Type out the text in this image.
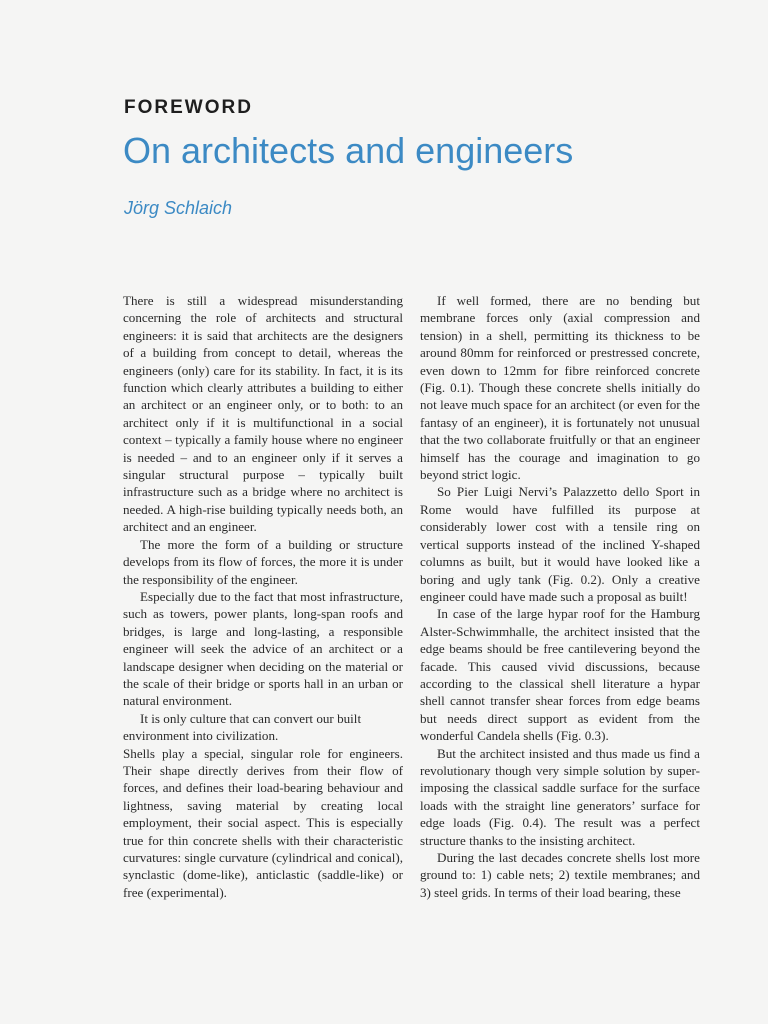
FOREWORD
On architects and engineers
Jörg Schlaich

There is still a widespread misunderstanding concerning the role of architects and structural engineers: it is said that architects are the designers of a building from concept to detail, whereas the engineers (only) care for its stability. In fact, it is its function which clearly attributes a building to either an architect or an engineer only, or to both: to an architect only if it is multifunctional in a social context – typically a family house where no engineer is needed – and to an engineer only if it serves a singular structural purpose – typically built infrastructure such as a bridge where no architect is needed. A high-rise building typically needs both, an architect and an engineer.

The more the form of a building or structure develops from its flow of forces, the more it is under the responsibility of the engineer.

Especially due to the fact that most infrastructure, such as towers, power plants, long-span roofs and bridges, is large and long-lasting, a responsible engineer will seek the advice of an architect or a landscape designer when deciding on the material or the scale of their bridge or sports hall in an urban or natural environment.

It is only culture that can convert our built environment into civilization.

Shells play a special, singular role for engineers. Their shape directly derives from their flow of forces, and defines their load-bearing behaviour and lightness, saving material by creating local employment, their social aspect. This is especially true for thin concrete shells with their characteristic curvatures: single curvature (cylindrical and conical), synclastic (dome-like), anticlastic (saddle-like) or free (experimental).

If well formed, there are no bending but membrane forces only (axial compression and tension) in a shell, permitting its thickness to be around 80mm for reinforced or prestressed concrete, even down to 12mm for fibre reinforced concrete (Fig. 0.1). Though these concrete shells initially do not leave much space for an architect (or even for the fantasy of an engineer), it is fortunately not unusual that the two collaborate fruitfully or that an engineer himself has the courage and imagination to go beyond strict logic.

So Pier Luigi Nervi’s Palazzetto dello Sport in Rome would have fulfilled its purpose at considerably lower cost with a tensile ring on vertical supports instead of the inclined Y-shaped columns as built, but it would have looked like a boring and ugly tank (Fig. 0.2). Only a creative engineer could have made such a proposal as built!

In case of the large hypar roof for the Hamburg Alster-Schwimmhalle, the architect insisted that the edge beams should be free cantilevering beyond the facade. This caused vivid discussions, because according to the classical shell literature a hypar shell cannot transfer shear forces from edge beams but needs direct support as evident from the wonderful Candela shells (Fig. 0.3).

But the architect insisted and thus made us find a revolutionary though very simple solution by super-imposing the classical saddle surface for the surface loads with the straight line generators’ surface for edge loads (Fig. 0.4). The result was a perfect structure thanks to the insisting architect.

During the last decades concrete shells lost more ground to: 1) cable nets; 2) textile membranes; and 3) steel grids. In terms of their load bearing, these
